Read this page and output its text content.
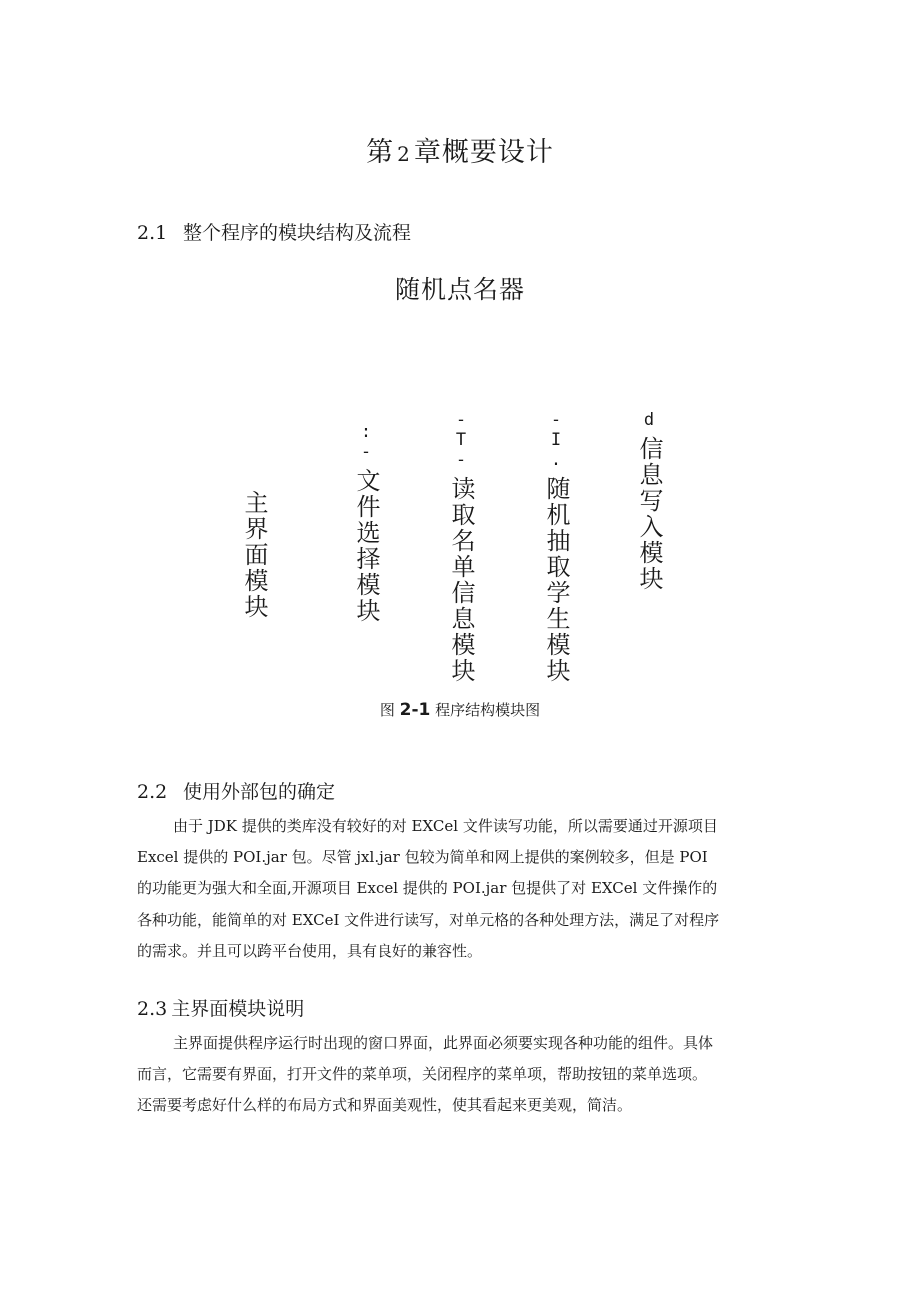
第 2 章概要设计
2.1 整个程序的模块结构及流程
随机点名器
主界面模块
:-文件选择模块
-T-读取名单信息模块
-I.随机抽取学生模块
d信息写入模块
图 2-1 程序结构模块图
2.2 使用外部包的确定
由于 JDK 提供的类库没有较好的对 EXCel 文件读写功能，所以需要通过开源项目
Excel 提供的 POI.jar 包。尽管 jxl.jar 包较为简单和网上提供的案例较多，但是 POI
的功能更为强大和全面,开源项目 Excel 提供的 POI.jar 包提供了对 EXCel 文件操作的
各种功能，能简单的对 EXCeI 文件进行读写，对单元格的各种处理方法，满足了对程序
的需求。并且可以跨平台使用，具有良好的兼容性。
2.3 主界面模块说明
主界面提供程序运行时出现的窗口界面，此界面必须要实现各种功能的组件。具体
而言，它需要有界面，打开文件的菜单项，关闭程序的菜单项，帮助按钮的菜单选项。
还需要考虑好什么样的布局方式和界面美观性，使其看起来更美观，简洁。
